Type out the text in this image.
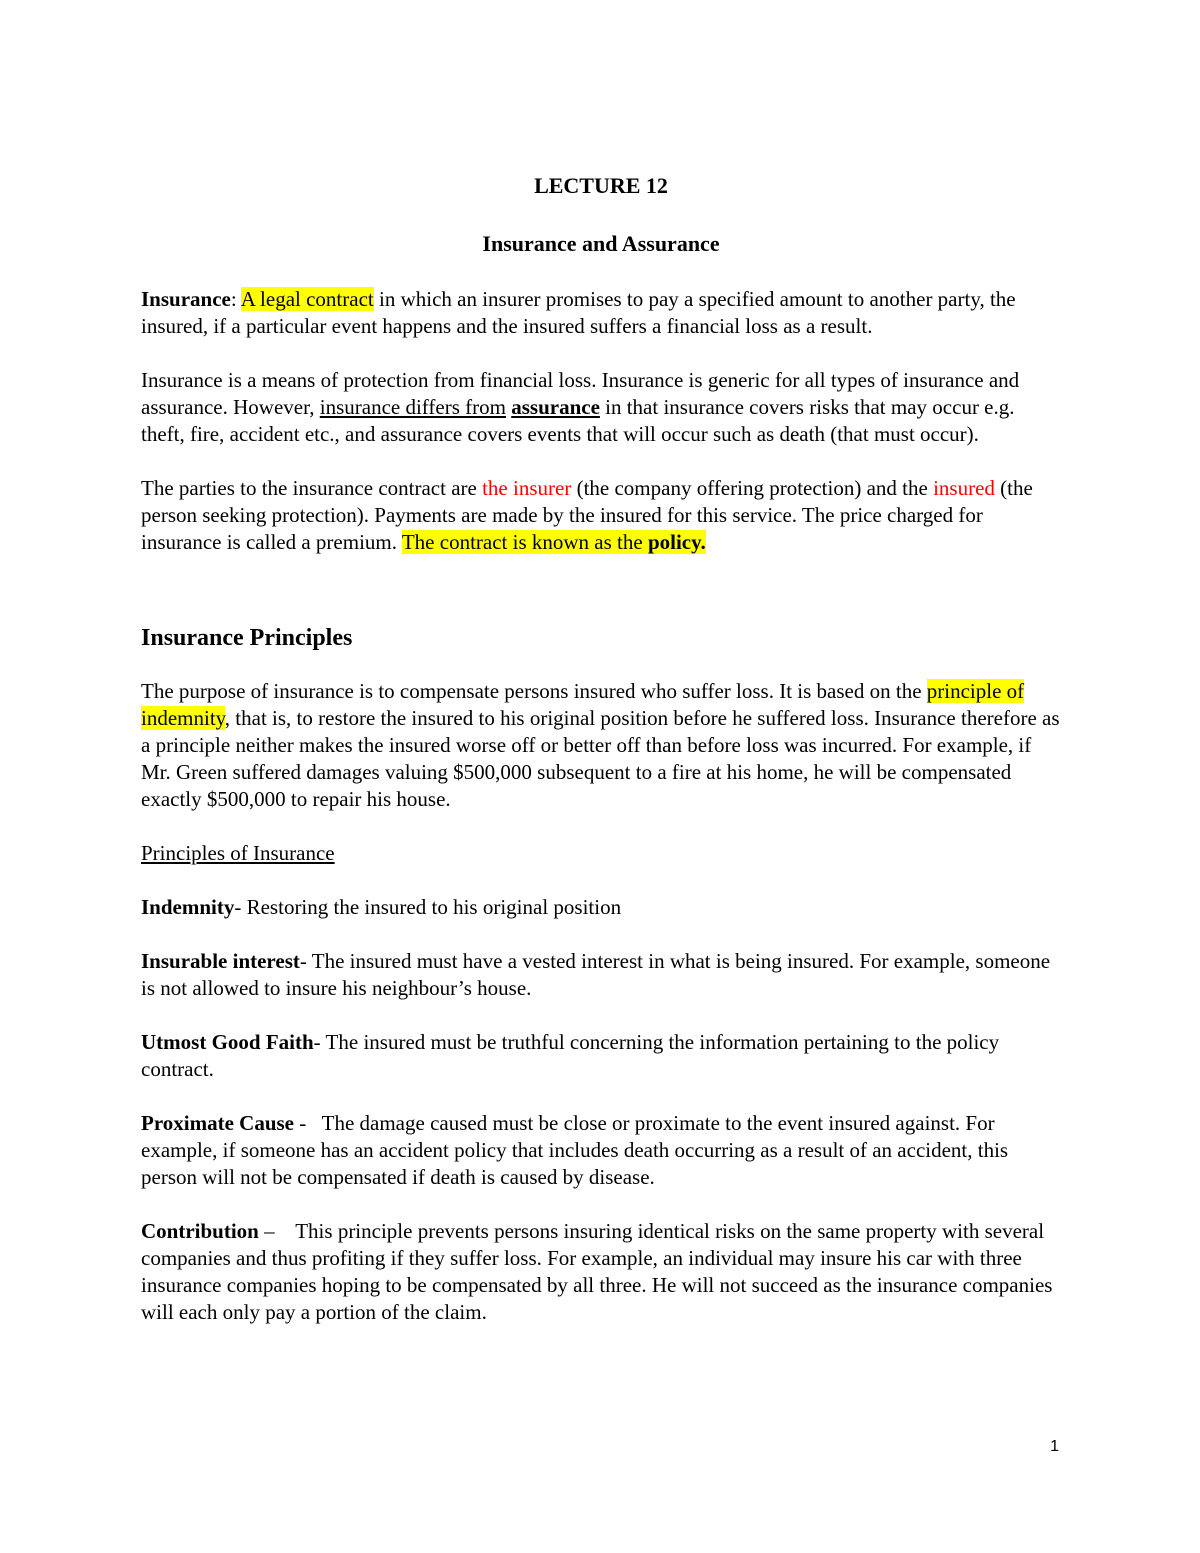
LECTURE 12
Insurance and Assurance

Insurance: A legal contract in which an insurer promises to pay a specified amount to another party, the insured, if a particular event happens and the insured suffers a financial loss as a result.

Insurance is a means of protection from financial loss. Insurance is generic for all types of insurance and assurance. However, insurance differs from assurance in that insurance covers risks that may occur e.g. theft, fire, accident etc., and assurance covers events that will occur such as death (that must occur).

The parties to the insurance contract are the insurer (the company offering protection) and the insured (the person seeking protection). Payments are made by the insured for this service. The price charged for insurance is called a premium. The contract is known as the policy.

Insurance Principles

The purpose of insurance is to compensate persons insured who suffer loss. It is based on the principle of indemnity, that is, to restore the insured to his original position before he suffered loss. Insurance therefore as a principle neither makes the insured worse off or better off than before loss was incurred. For example, if Mr. Green suffered damages valuing $500,000 subsequent to a fire at his home, he will be compensated exactly $500,000 to repair his house.

Principles of Insurance

Indemnity- Restoring the insured to his original position

Insurable interest- The insured must have a vested interest in what is being insured. For example, someone is not allowed to insure his neighbour’s house.

Utmost Good Faith- The insured must be truthful concerning the information pertaining to the policy contract.

Proximate Cause -   The damage caused must be close or proximate to the event insured against. For example, if someone has an accident policy that includes death occurring as a result of an accident, this person will not be compensated if death is caused by disease.

Contribution –    This principle prevents persons insuring identical risks on the same property with several companies and thus profiting if they suffer loss. For example, an individual may insure his car with three insurance companies hoping to be compensated by all three. He will not succeed as the insurance companies will each only pay a portion of the claim.

1
